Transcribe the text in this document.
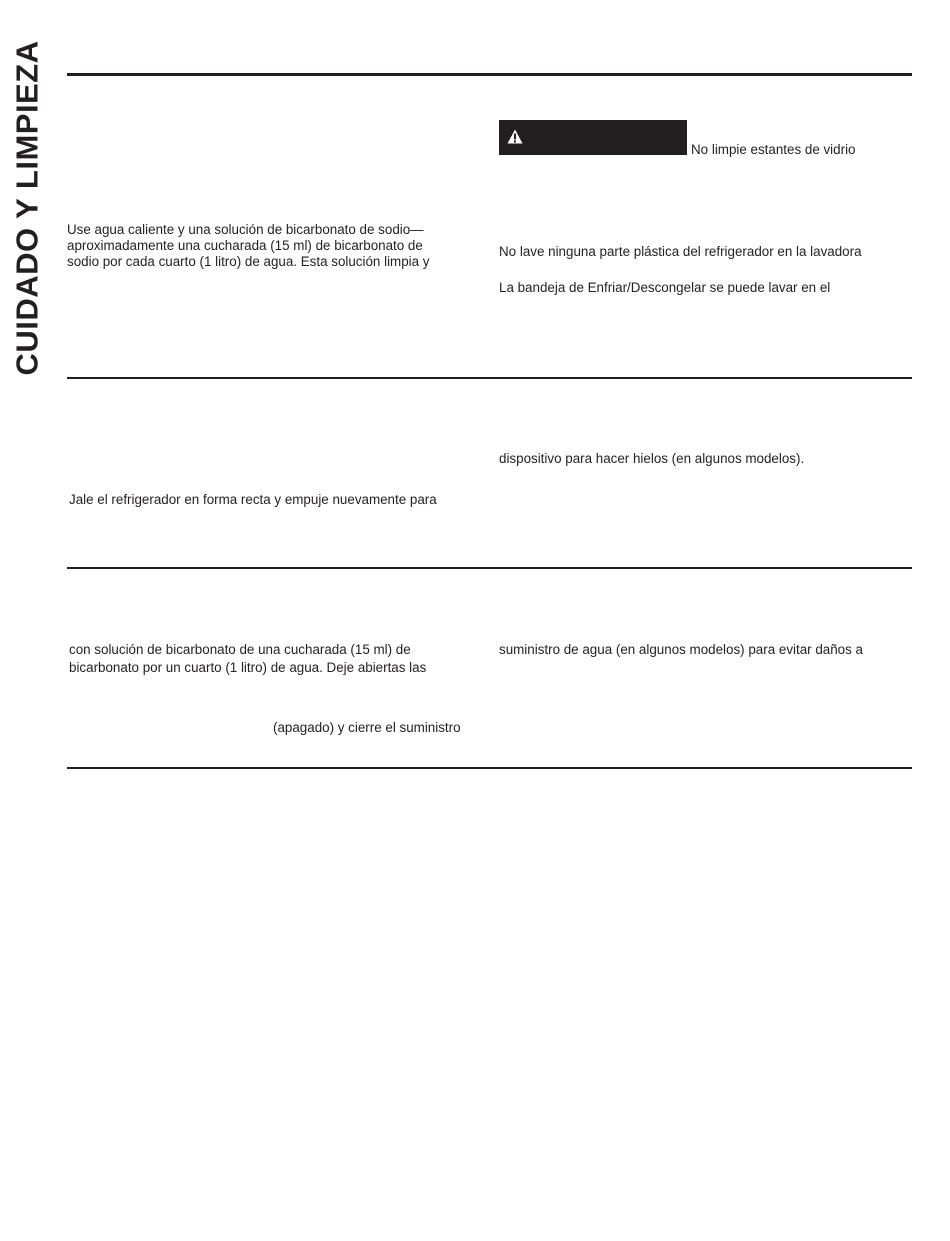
CUIDADO Y LIMPIEZA	No limpie estantes de vidrio

Use agua caliente y una solución de bicarbonato de sodio—

aproximadamente una cucharada (15 ml) de bicarbonato de

sodio por cada cuarto (1 litro) de agua. Esta solución limpia y

No lave ninguna parte plástica del refrigerador en la lavadora

La bandeja de Enfriar/Descongelar se puede lavar en el

dispositivo para hacer hielos (en algunos modelos).

Jale el refrigerador en forma recta y empuje nuevamente para

con solución de bicarbonato de una cucharada (15 ml) de

bicarbonato por un cuarto (1 litro) de agua. Deje abiertas las

(apagado) y cierre el suministro

suministro de agua (en algunos modelos) para evitar daños a
